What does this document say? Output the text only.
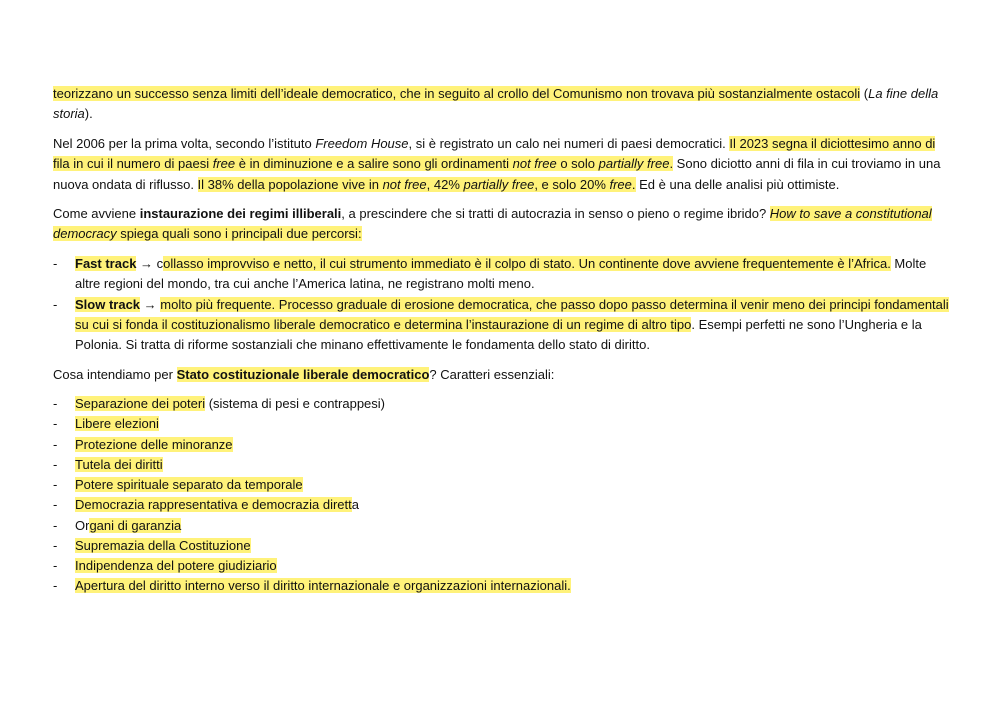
teorizzano un successo senza limiti dell’ideale democratico, che in seguito al crollo del Comunismo non trovava più sostanzialmente ostacoli (La fine della storia).

Nel 2006 per la prima volta, secondo l’istituto Freedom House, si è registrato un calo nei numeri di paesi democratici. Il 2023 segna il diciottesimo anno di fila in cui il numero di paesi free è in diminuzione e a salire sono gli ordinamenti not free o solo partially free. Sono diciotto anni di fila in cui troviamo in una nuova ondata di riflusso. Il 38% della popolazione vive in not free, 42% partially free, e solo 20% free. Ed è una delle analisi più ottimiste.

Come avviene instaurazione dei regimi illiberali, a prescindere che si tratti di autocrazia in senso o pieno o regime ibrido? How to save a constitutional democracy spiega quali sono i principali due percorsi:

- Fast track → collasso improvviso e netto, il cui strumento immediato è il colpo di stato. Un continente dove avviene frequentemente è l’Africa. Molte altre regioni del mondo, tra cui anche l’America latina, ne registrano molti meno.
- Slow track → molto più frequente. Processo graduale di erosione democratica, che passo dopo passo determina il venir meno dei principi fondamentali su cui si fonda il costituzionalismo liberale democratico e determina l’instaurazione di un regime di altro tipo. Esempi perfetti ne sono l’Ungheria e la Polonia. Si tratta di riforme sostanziali che minano effettivamente le fondamenta dello stato di diritto.

Cosa intendiamo per Stato costituzionale liberale democratico? Caratteri essenziali:

- Separazione dei poteri (sistema di pesi e contrappesi)
- Libere elezioni
- Protezione delle minoranze
- Tutela dei diritti
- Potere spirituale separato da temporale
- Democrazia rappresentativa e democrazia diretta
- Organi di garanzia
- Supremazia della Costituzione
- Indipendenza del potere giudiziario
- Apertura del diritto interno verso il diritto internazionale e organizzazioni internazionali.
